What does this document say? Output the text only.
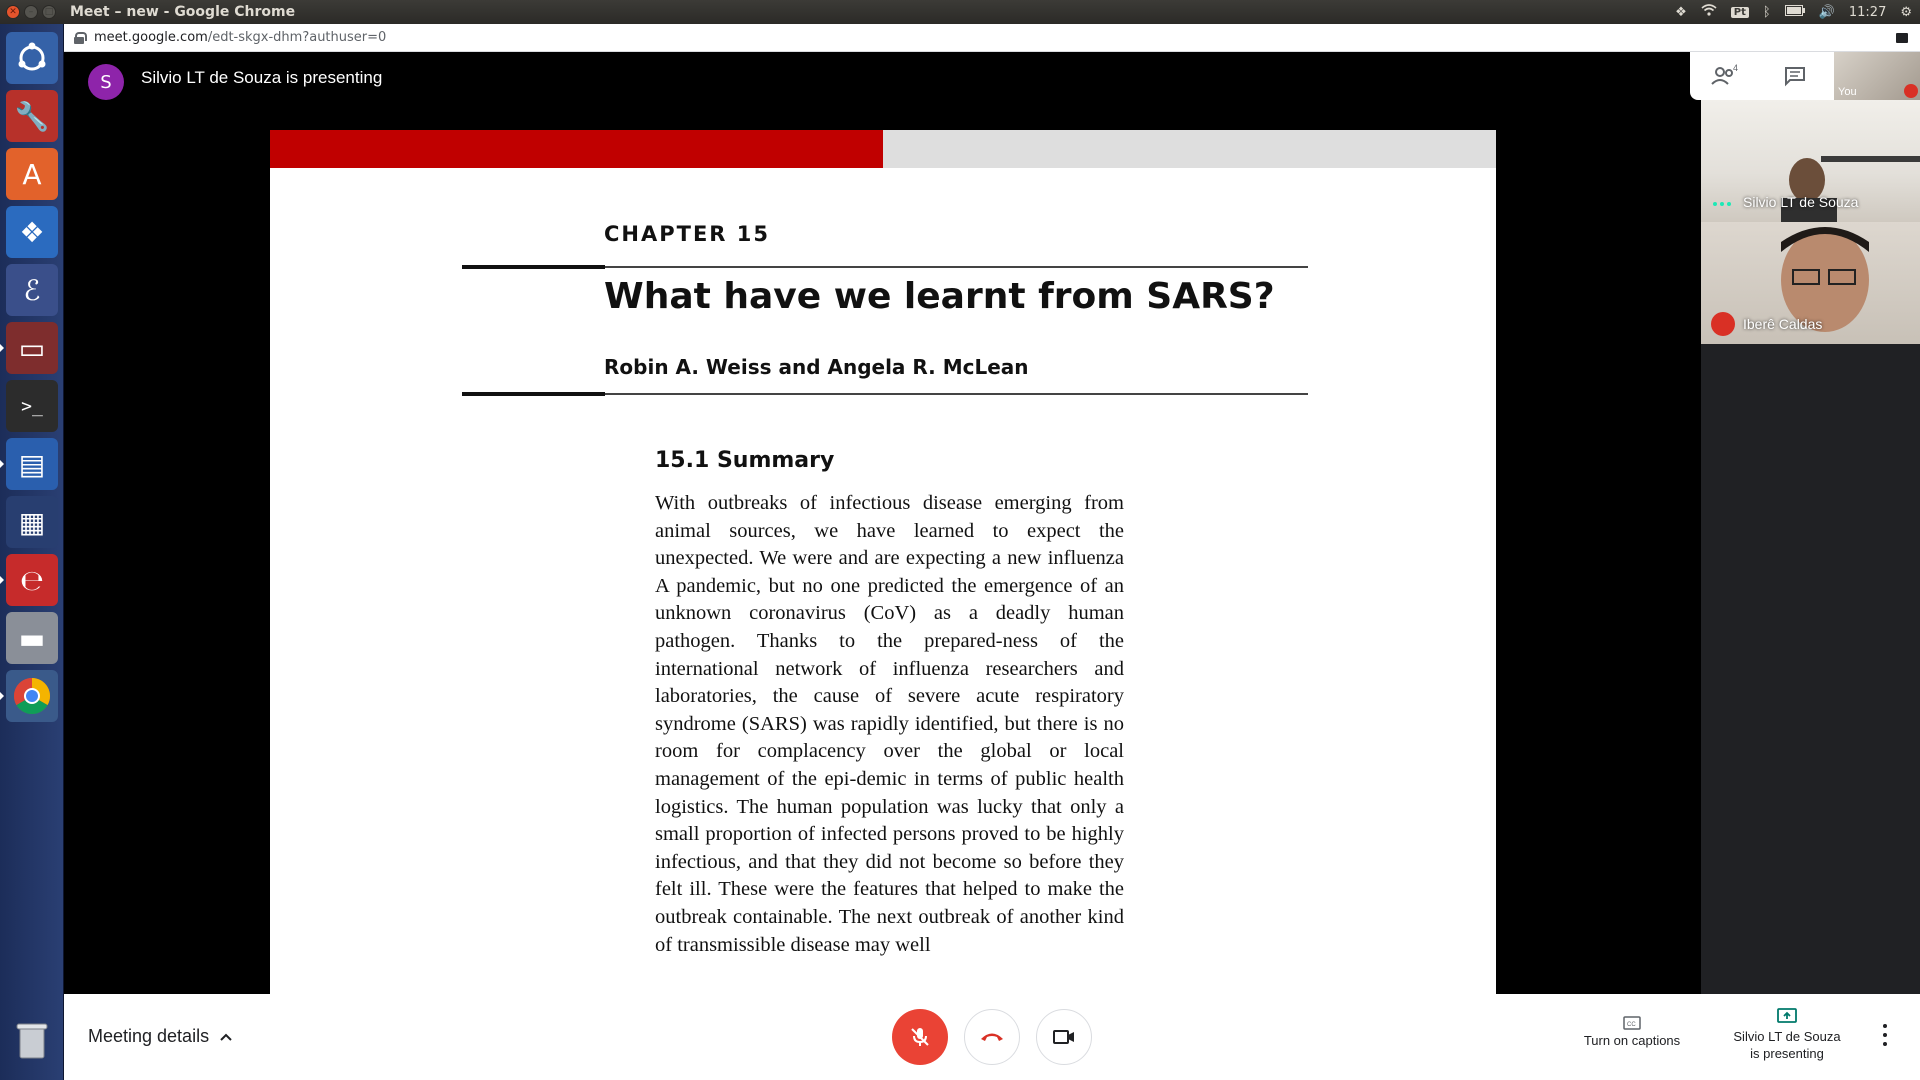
✕	–	□ Meet – new - Google Chrome	❖	Pt ᛒ	🔊 11:27 ⚙
🔧
A
❖
ℰ
▭
>_
▤
▦
℮
▬
meet.google.com/edt-skgx-dhm?authuser=0
S	Silvio LT de Souza is presenting	4
You
CHAPTER 15
What have we learnt from SARS?
Robin A. Weiss and Angela R. McLean
15.1 Summary
With outbreaks of infectious disease emerging from animal sources, we have learned to expect the unexpected. We were and are expecting a new influenza A pandemic, but no one predicted the emergence of an unknown coronavirus (CoV) as a deadly human pathogen. Thanks to the prepared-ness of the international network of influenza researchers and laboratories, the cause of severe acute respiratory syndrome (SARS) was rapidly identified, but there is no room for complacency over the global or local management of the epi-demic in terms of public health logistics. The human population was lucky that only a small proportion of infected persons proved to be highly infectious, and that they did not become so before they felt ill. These were the features that helped to make the outbreak containable. The next outbreak of another kind of transmissible disease may well
Silvio LT de Souza
Iberê Caldas
Meeting details
CC
Turn on captions	Silvio LT de Souza
is presenting
